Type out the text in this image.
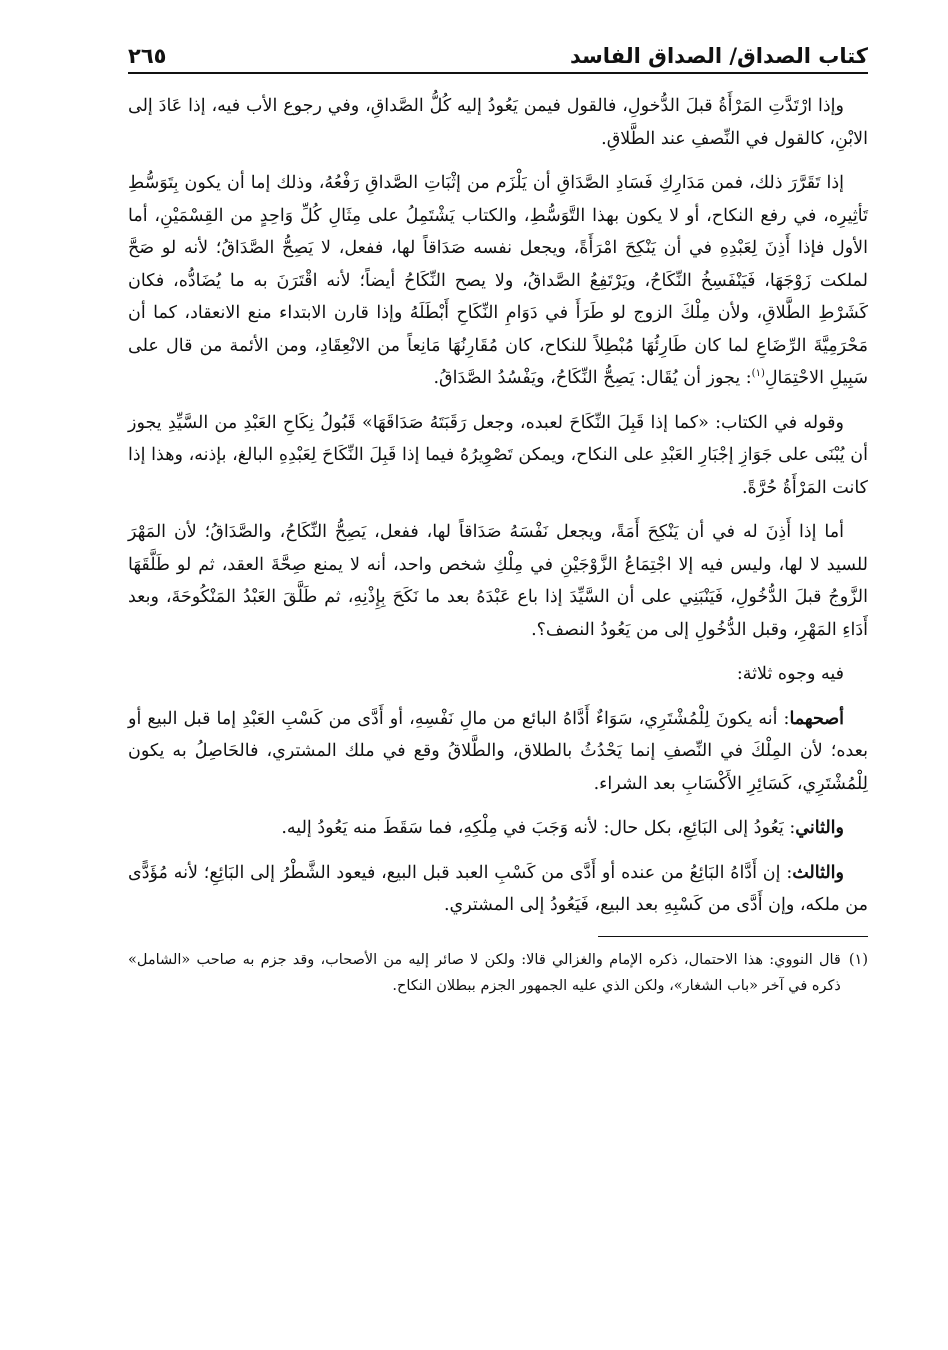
كتاب الصداق/ الصداق الفاسد
٢٦٥

وإذا ارْتَدَّتِ المَرْأَةُ قبلَ الدُّخولِ، فالقول فيمن يَعُودُ إليه كُلُّ الصَّداقِ، وفي رجوع الأب فيه، إذا عَادَ إلى الابْنِ، كالقول في النِّصفِ عند الطَّلاقِ.

إذا تَقَرَّرَ ذلك، فمن مَدَارِكِ فَسَادِ الصَّدَاقِ أن يَلْزَم من إثْبَاتِ الصَّداقِ رَفْعُهُ، وذلك إما أن يكون بِتَوَسُّطِ تَأثِيرِه، في رفع النكاح، أو لا يكون بهذا التَّوَسُّطِ، والكتاب يَشْتَمِلُ على مِثَالِ كُلِّ وَاحِدٍ من القِسْمَيْنِ، أما الأول فإذا أَذِنَ لِعَبْدِهِ في أن يَنْكِحَ امْرَأَةً، ويجعل نفسه صَدَاقاً لها، ففعل، لا يَصِحُّ الصَّدَاقُ؛ لأنه لو صَحَّ لملكت زَوْجَهَا، فَيَنْفَسِخُ النِّكَاحُ، ويَرْتَفِعُ الصَّداقُ، ولا يصح النِّكَاحُ أيضاً؛ لأنه اقْتَرَنَ به ما يُضَادُّه، فكان كَشَرْطِ الطَّلاقِ، ولأن مِلْكَ الزوج لو طَرَأَ في دَوَامِ النِّكَاحِ أَبْطَلَهُ وإذا قارن الابتداء منع الانعقاد، كما أن مَحْرَمِيَّةَ الرِّضَاعِ لما كان طَارِئُهَا مُبْطِلاً للنكاح، كان مُقَارِنُهَا مَانِعاً من الانْعِقَادِ، ومن الأئمة من قال على سَبِيلِ الاحْتِمَالِ$^{(١)}$: يجوز أن يُقَال: يَصِحُّ النِّكَاحُ، ويَفْسُدُ الصَّدَاقُ.

وقوله في الكتاب: «كما إذا قَبِلَ النِّكَاحَ لعبده، وجعل رَقَبَتَهُ صَدَاقَهَا» قَبُولُ نِكَاحِ العَبْدِ من السَّيِّدِ يجوز أن يُبْنَى على جَوَازِ إجْبَارِ العَبْدِ على النكاح، ويمكن تَصْوِيرُهُ فيما إذا قَبِلَ النِّكَاحَ لِعَبْدِهِ البالغ، بإذنه، وهذا إذا كانت المَرْأَةُ حُرَّةً.

أما إذا أَذِنَ له في أن يَنْكِحَ أَمَةً، ويجعل نَفْسَهُ صَدَاقاً لها، ففعل، يَصِحُّ النِّكَاحُ، والصَّدَاقُ؛ لأن المَهْرَ للسيد لا لها، وليس فيه إلا اجْتِمَاعُ الزَّوْجَيْنِ في مِلْكِ شخص واحد، أنه لا يمنع صِحَّةَ العقد، ثم لو طَلَّقَهَا الزَّوجُ قبلَ الدُّخُولِ، فَيَنْبَنِي على أن السَّيِّدَ إذا باع عَبْدَهُ بعد ما نَكَحَ بِإِذْنِهِ، ثم طَلَّقَ العَبْدُ المَنْكُوحَةَ، وبعد أَدَاءِ المَهْرِ، وقبل الدُّخُولِ إلى من يَعُودُ النصف؟.

فيه وجوه ثلاثة:

أصحهما: أنه يكونَ لِلْمُشْتَرِي، سَوَاءٌ أَدَّاهُ البائع من مالِ نَفْسِهِ، أو أَدَّى من كَسْبِ العَبْدِ إما قبل البيع أو بعده؛ لأن المِلْكَ في النِّصفِ إنما يَحْدُثُ بالطلاق، والطَّلاقُ وقع في ملك المشتري، فالحَاصِلُ به يكون لِلْمُشْتَرِي، كَسَائِرِ الأَكْسَابِ بعد الشراء.

والثاني: يَعُودُ إلى البَائِعِ، بكل حال: لأنه وَجَبَ في مِلْكِهِ، فما سَقَطَ منه يَعُودُ إليه.

والثالث: إن أَدَّاهُ البَائِعُ من عنده أو أَدَّى من كَسْبِ العبد قبل البيع، فيعود الشَّطْرُ إلى البَائِعِ؛ لأنه مُؤَدًّى من ملكه، وإن أَدَّى من كَسْبِهِ بعد البيع، فَيَعُودُ إلى المشتري.

(١)
قال النووي: هذا الاحتمال، ذكره الإمام والغزالي قالا: ولكن لا صائر إليه من الأصحاب، وقد جزم به صاحب «الشامل» ذكره في آخر «باب الشغار»، ولكن الذي عليه الجمهور الجزم ببطلان النكاح.
